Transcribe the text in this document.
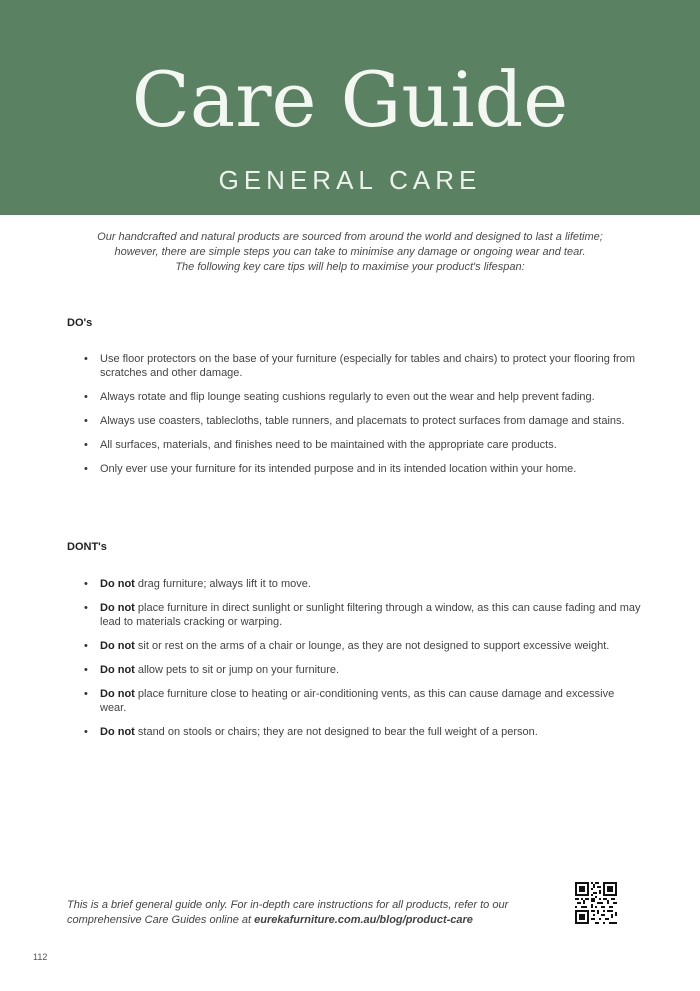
Care Guide
GENERAL CARE

Our handcrafted and natural products are sourced from around the world and designed to last a lifetime;

however, there are simple steps you can take to minimise any damage or ongoing wear and tear.

The following key care tips will help to maximise your product's lifespan:

DO's
• Use floor protectors on the base of your furniture (especially for tables and chairs) to protect your flooring from scratches and other damage.
• Always rotate and flip lounge seating cushions regularly to even out the wear and help prevent fading.
• Always use coasters, tablecloths, table runners, and placemats to protect surfaces from damage and stains.
• All surfaces, materials, and finishes need to be maintained with the appropriate care products.
• Only ever use your furniture for its intended purpose and in its intended location within your home.
DONT's
• Do not drag furniture; always lift it to move.
• Do not place furniture in direct sunlight or sunlight filtering through a window, as this can cause fading and may lead to materials cracking or warping.
• Do not sit or rest on the arms of a chair or lounge, as they are not designed to support excessive weight.
• Do not allow pets to sit or jump on your furniture.
• Do not place furniture close to heating or air-conditioning vents, as this can cause damage and excessive wear.
• Do not stand on stools or chairs; they are not designed to bear the full weight of a person.

This is a brief general guide only. For in-depth care instructions for all products, refer to our

comprehensive Care Guides online at eurekafurniture.com.au/blog/product-care

112
